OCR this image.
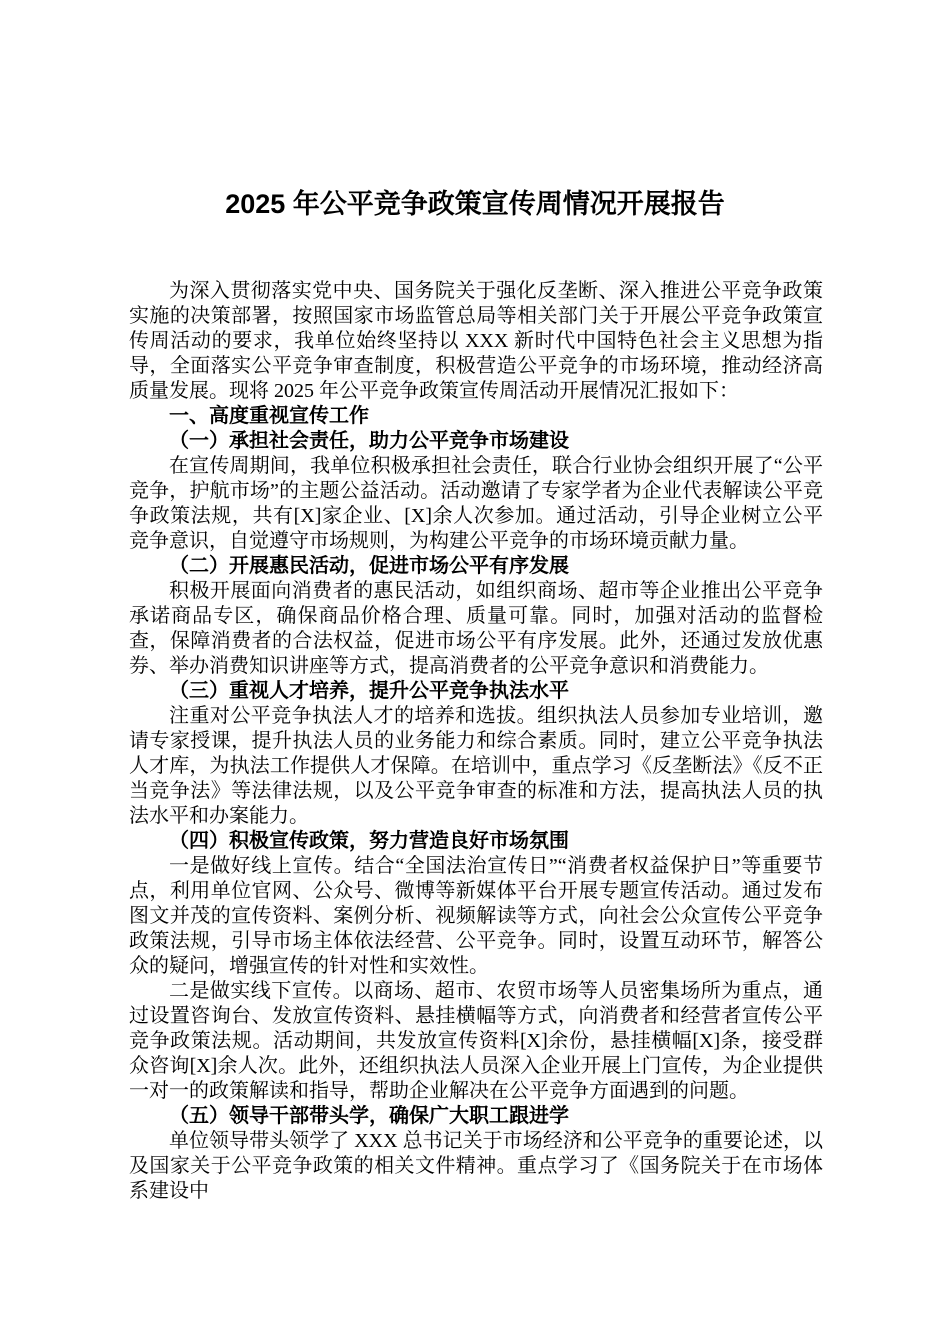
2025 年公平竞争政策宣传周情况开展报告

为深入贯彻落实党中央、国务院关于强化反垄断、深入推进公平竞争政策实施的决策部署，按照国家市场监管总局等相关部门关于开展公平竞争政策宣传周活动的要求，我单位始终坚持以 XXX 新时代中国特色社会主义思想为指导，全面落实公平竞争审查制度，积极营造公平竞争的市场环境，推动经济高质量发展。现将 2025 年公平竞争政策宣传周活动开展情况汇报如下：

一、高度重视宣传工作

（一）承担社会责任，助力公平竞争市场建设

在宣传周期间，我单位积极承担社会责任，联合行业协会组织开展了“公平竞争，护航市场”的主题公益活动。活动邀请了专家学者为企业代表解读公平竞争政策法规，共有[X]家企业、[X]余人次参加。通过活动，引导企业树立公平竞争意识，自觉遵守市场规则，为构建公平竞争的市场环境贡献力量。

（二）开展惠民活动，促进市场公平有序发展

积极开展面向消费者的惠民活动，如组织商场、超市等企业推出公平竞争承诺商品专区，确保商品价格合理、质量可靠。同时，加强对活动的监督检查，保障消费者的合法权益，促进市场公平有序发展。此外，还通过发放优惠券、举办消费知识讲座等方式，提高消费者的公平竞争意识和消费能力。

（三）重视人才培养，提升公平竞争执法水平

注重对公平竞争执法人才的培养和选拔。组织执法人员参加专业培训，邀请专家授课，提升执法人员的业务能力和综合素质。同时，建立公平竞争执法人才库，为执法工作提供人才保障。在培训中，重点学习《反垄断法》《反不正当竞争法》等法律法规，以及公平竞争审查的标准和方法，提高执法人员的执法水平和办案能力。

（四）积极宣传政策，努力营造良好市场氛围

一是做好线上宣传。结合“全国法治宣传日”“消费者权益保护日”等重要节点，利用单位官网、公众号、微博等新媒体平台开展专题宣传活动。通过发布图文并茂的宣传资料、案例分析、视频解读等方式，向社会公众宣传公平竞争政策法规，引导市场主体依法经营、公平竞争。同时，设置互动环节，解答公众的疑问，增强宣传的针对性和实效性。

二是做实线下宣传。以商场、超市、农贸市场等人员密集场所为重点，通过设置咨询台、发放宣传资料、悬挂横幅等方式，向消费者和经营者宣传公平竞争政策法规。活动期间，共发放宣传资料[X]余份，悬挂横幅[X]条，接受群众咨询[X]余人次。此外，还组织执法人员深入企业开展上门宣传，为企业提供一对一的政策解读和指导，帮助企业解决在公平竞争方面遇到的问题。

（五）领导干部带头学，确保广大职工跟进学

单位领导带头领学了 XXX 总书记关于市场经济和公平竞争的重要论述，以及国家关于公平竞争政策的相关文件精神。重点学习了《国务院关于在市场体系建设中
